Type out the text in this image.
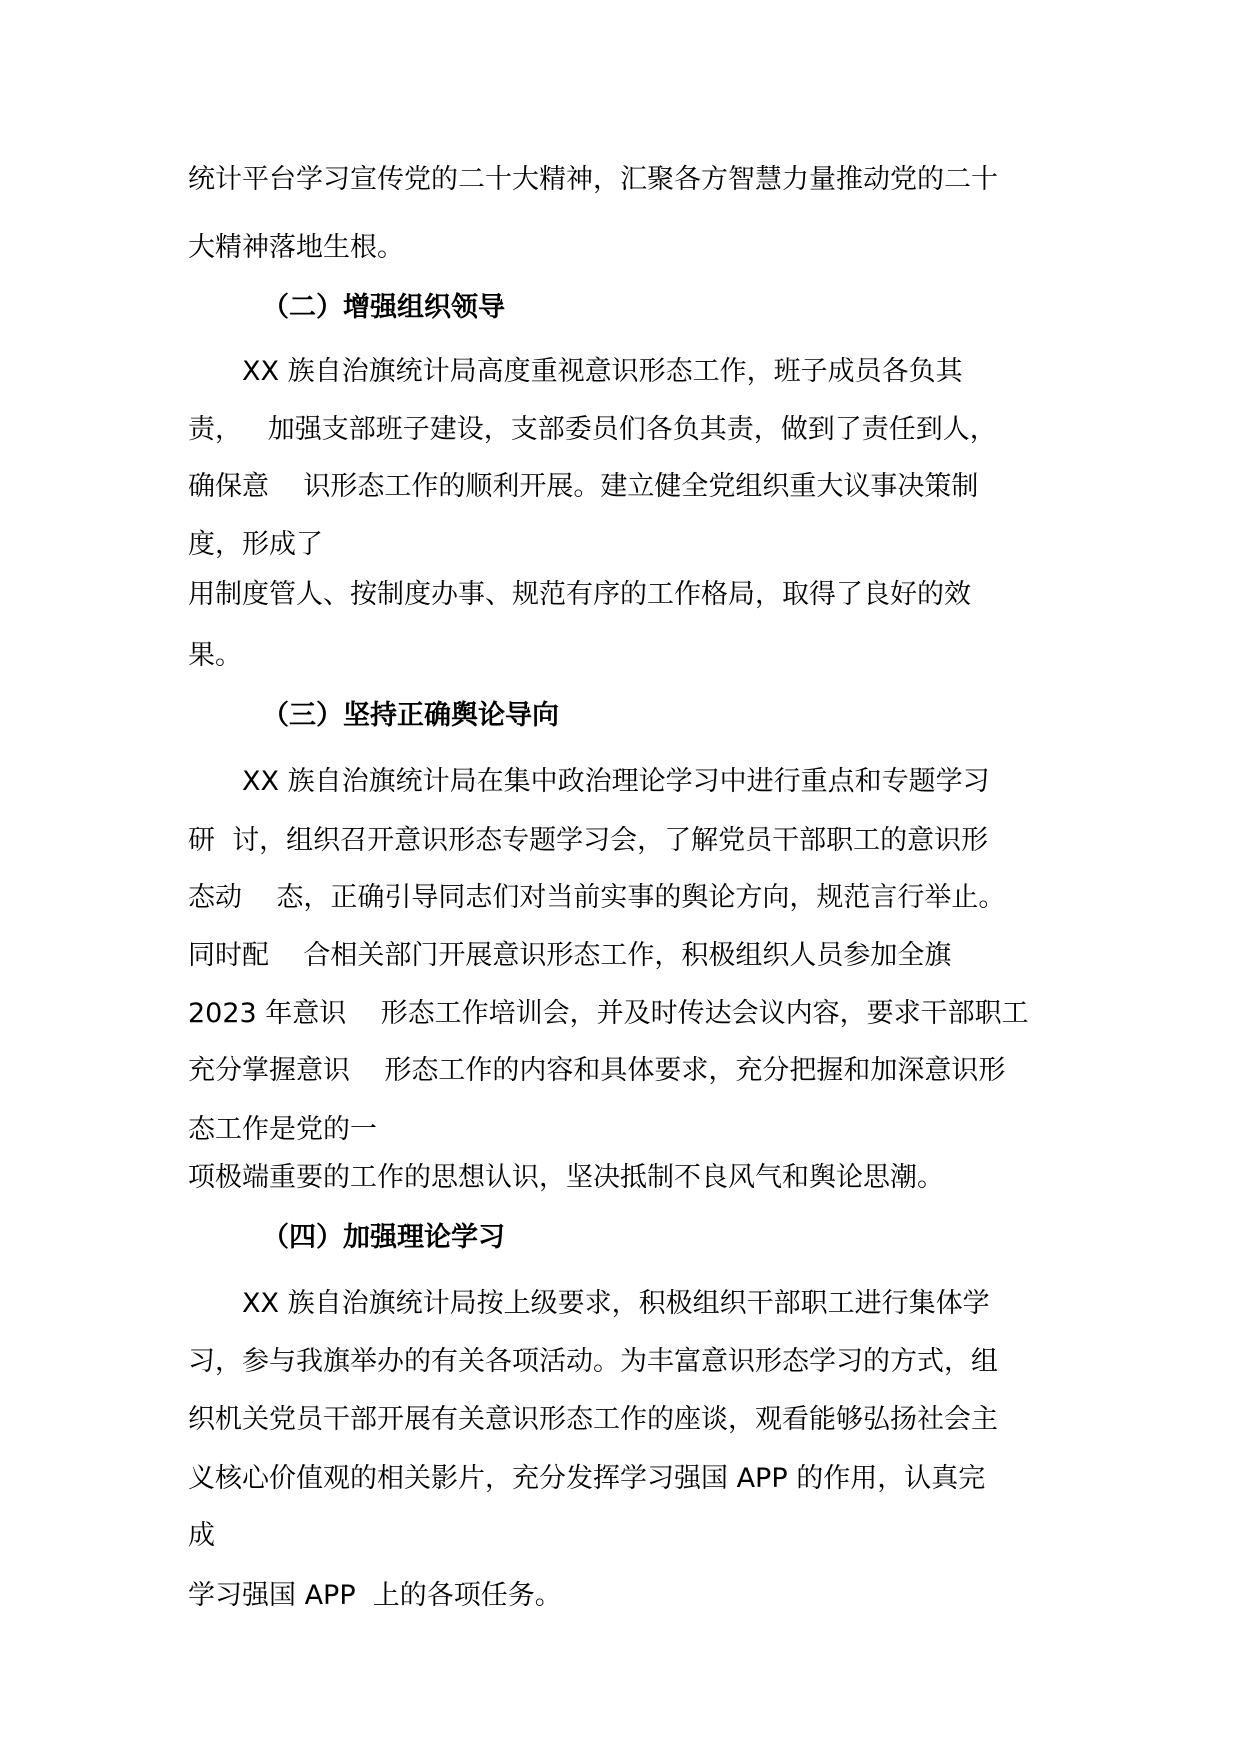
统计平台学习宣传党的二十大精神，汇聚各方智慧力量推动党的二十
大精神落地生根。
（二）增强组织领导
XX 族自治旗统计局高度重视意识形态工作，班子成员各负其
责，   加强支部班子建设，支部委员们各负其责，做到了责任到人，
确保意    识形态工作的顺利开展。建立健全党组织重大议事决策制
度，形成了
用制度管人、按制度办事、规范有序的工作格局，取得了良好的效
果。
（三）坚持正确舆论导向
XX 族自治旗统计局在集中政治理论学习中进行重点和专题学习
研  讨，组织召开意识形态专题学习会，了解党员干部职工的意识形
态动    态，正确引导同志们对当前实事的舆论方向，规范言行举止。
同时配    合相关部门开展意识形态工作，积极组织人员参加全旗
2023 年意识    形态工作培训会，并及时传达会议内容，要求干部职工
充分掌握意识    形态工作的内容和具体要求，充分把握和加深意识形
态工作是党的一
项极端重要的工作的思想认识，坚决抵制不良风气和舆论思潮。
（四）加强理论学习
XX 族自治旗统计局按上级要求，积极组织干部职工进行集体学
习，参与我旗举办的有关各项活动。为丰富意识形态学习的方式，组
织机关党员干部开展有关意识形态工作的座谈，观看能够弘扬社会主
义核心价值观的相关影片，充分发挥学习强国 APP 的作用，认真完
成
学习强国 APP  上的各项任务。
